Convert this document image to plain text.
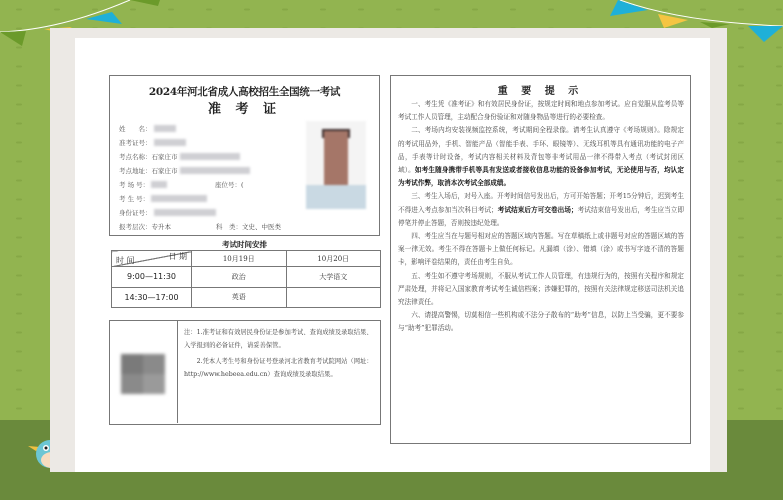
2024年河北省成人高校招生全国统一考试
准 考 证
姓　　名：
准考证号：
考点名称： 石家庄市
考点地址： 石家庄市
考 场 号：	座位号： (
考 生 号：
身份证号：
报考层次： 专升本	科　类： 文史、中医类
考试时间安排
日 期
时 间	10月19日	10月20日
9:00—11:30	政治	大学语文
14:30—17:00	英语	

注：1.准考证和有效居民身份证是参加考试、查询成绩及录取结果、入学报到的必备证件，请妥善保管。

2.凭本人考生号和身份证号登录河北省教育考试院网站（网址：http://www.hebeea.edu.cn）查询成绩及录取结果。

重 要 提 示

一、考生凭《准考证》和有效居民身份证，按规定时间和地点参加考试。应自觉服从监考员等考试工作人员管理，主动配合身份验证和对随身物品等进行的必要检查。

二、考场内均安装视频监控系统，考试期间全程录像。请考生认真遵守《考场规则》。除规定的考试用品外，手机、智能产品（智能手表、手环、眼镜等）、无线耳机等具有通讯功能的电子产品，手表等计时设备，考试内容相关材料及背包等非考试用品一律不得带入考点（考试封闭区域）。如考生随身携带手机等具有发送或者接收信息功能的设备参加考试，无论使用与否，均认定为考试作弊，取消本次考试全部成绩。

三、考生入场后，对号入座。开考时间信号发出后，方可开始答题；开考15分钟后，迟到考生不得进入考点参加当次科目考试；考试结束后方可交卷出场；考试结束信号发出后，考生应当立即停笔并停止答题，否则按违纪处理。

四、考生应当在与题号相对应的答题区域内答题。写在草稿纸上或非题号对应的答题区域的答案一律无效。考生不得在答题卡上做任何标记。凡漏填（涂）、错填（涂）或书写字迹不清的答题卡，影响评卷结果的，责任由考生自负。

五、考生如不遵守考场规则，不服从考试工作人员管理，有违规行为的，按照有关程序和规定严肃处理，并将记入国家教育考试考生诚信档案；涉嫌犯罪的，按照有关法律规定移送司法机关追究法律责任。

六、请提高警惕，切莫相信一些机构或不法分子散布的“助考”信息，以防上当受骗，更不要参与“助考”犯罪活动。
